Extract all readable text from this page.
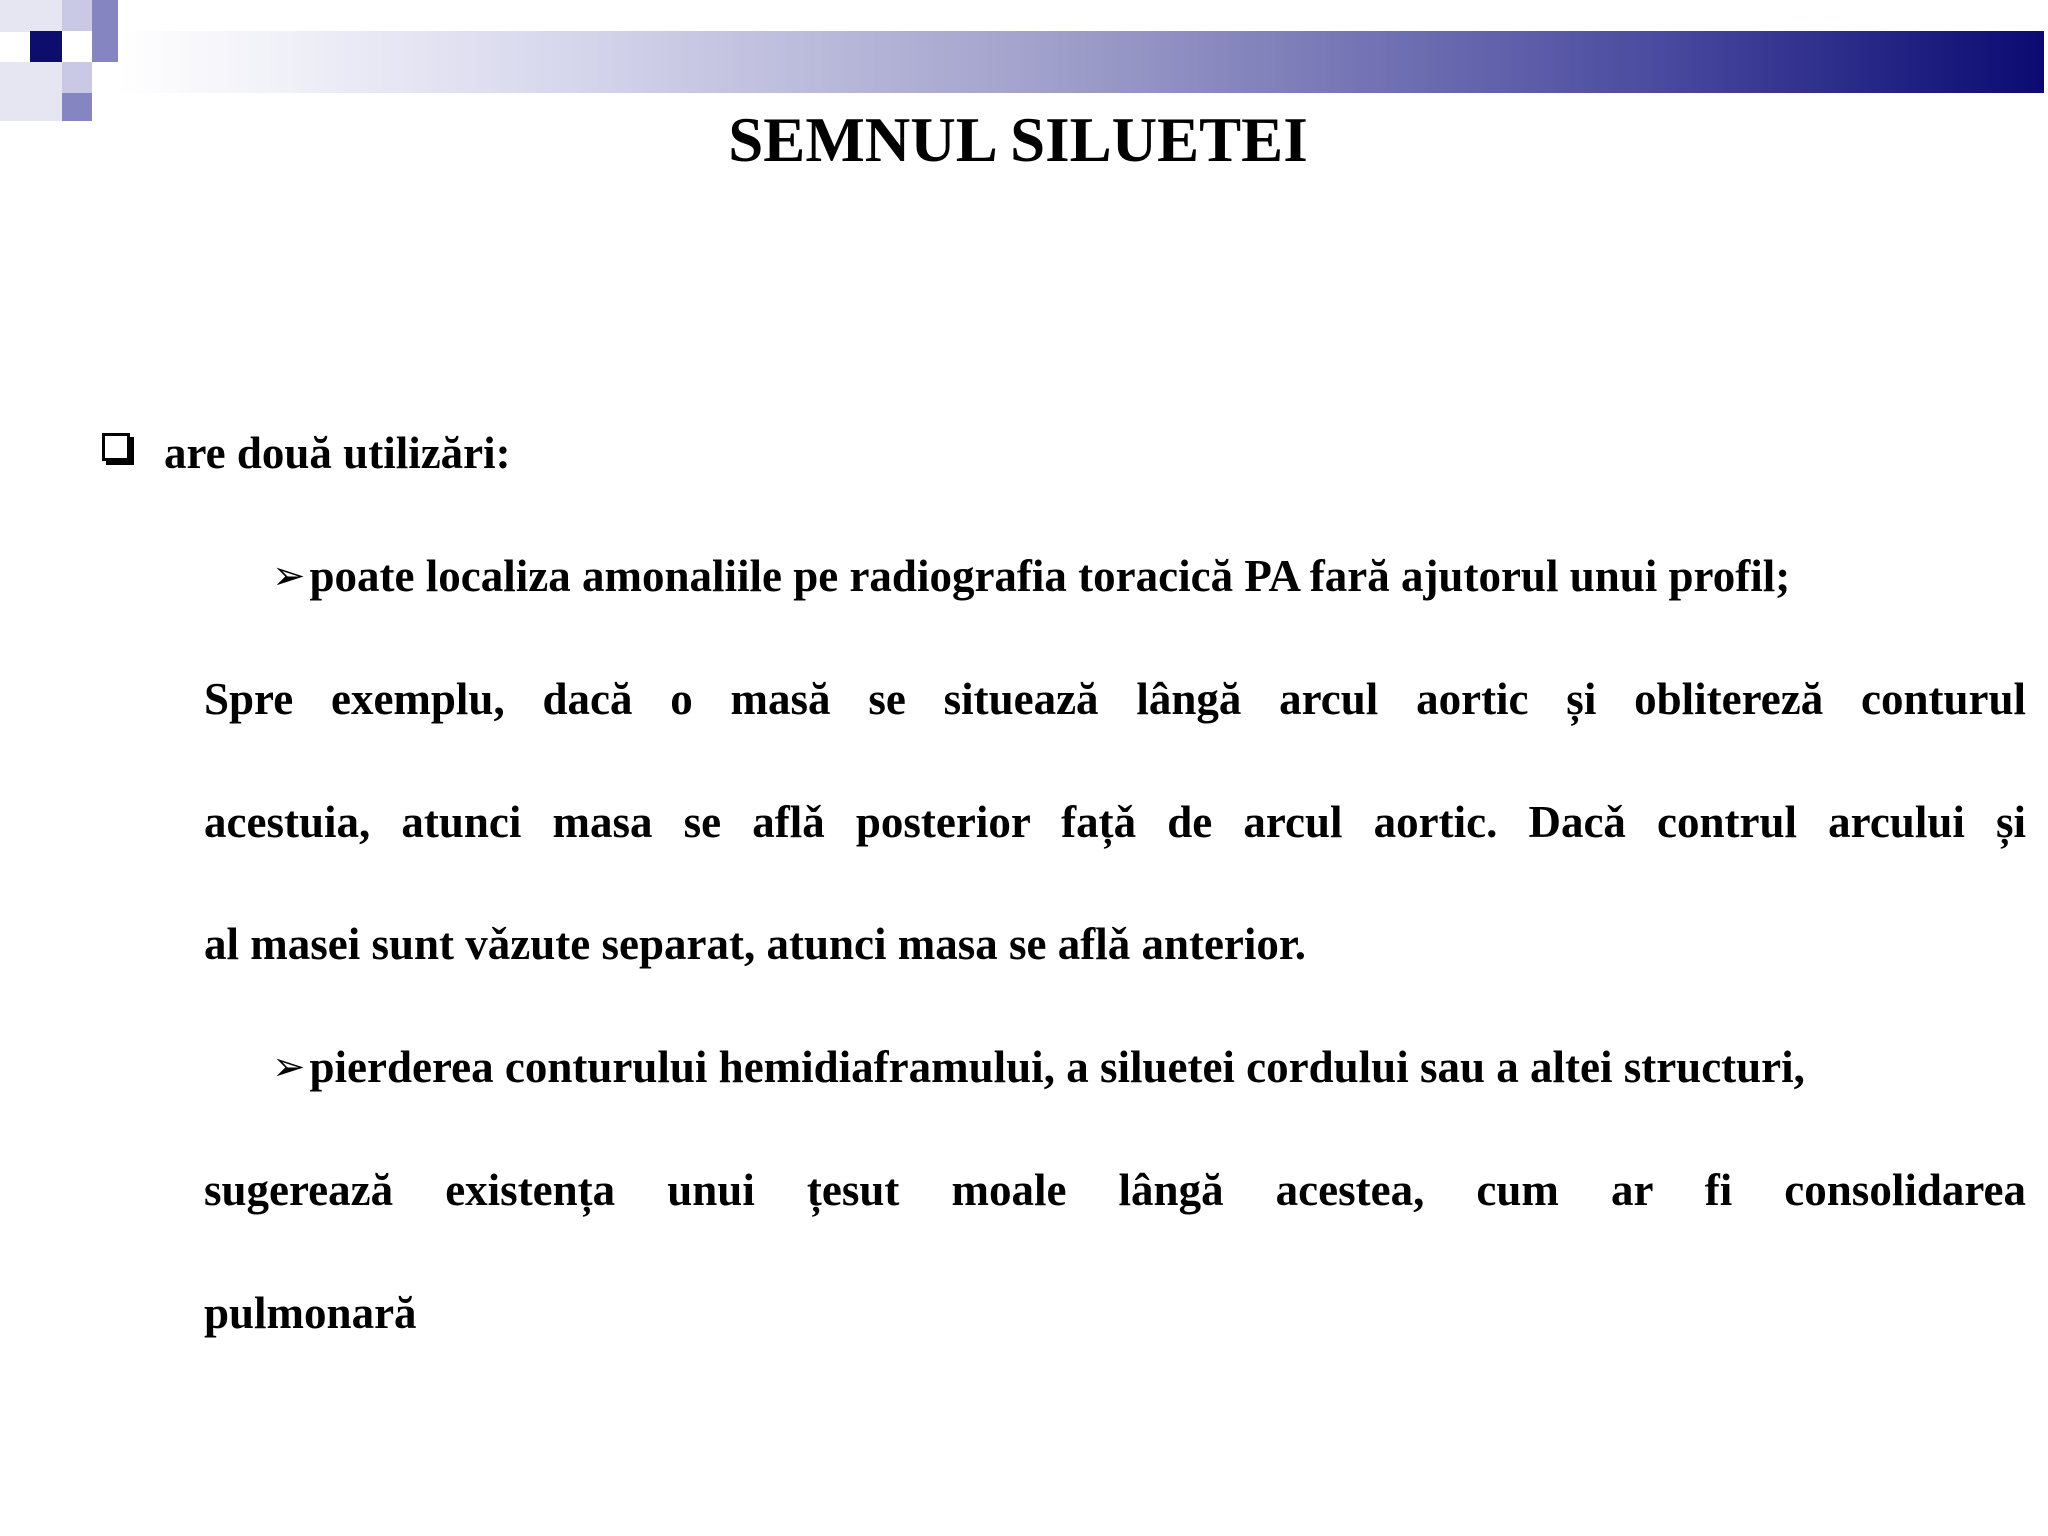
SEMNUL SILUETEI
are două utilizări:
➢ poate localiza amonaliile pe radiografia toracică PA fară ajutorul unui profil;
Spre exemplu, dacă o masă se situează lângă arcul aortic și oblitereză conturul
acestuia, atunci masa se aflǎ posterior fațǎ de arcul aortic. Dacǎ contrul arcului și
al masei sunt vǎzute separat, atunci masa se aflǎ anterior.
➢ pierderea conturului hemidiaframului, a siluetei cordului sau a altei structuri,
sugerează existența unui țesut moale lângă acestea, cum ar fi consolidarea
pulmonară
